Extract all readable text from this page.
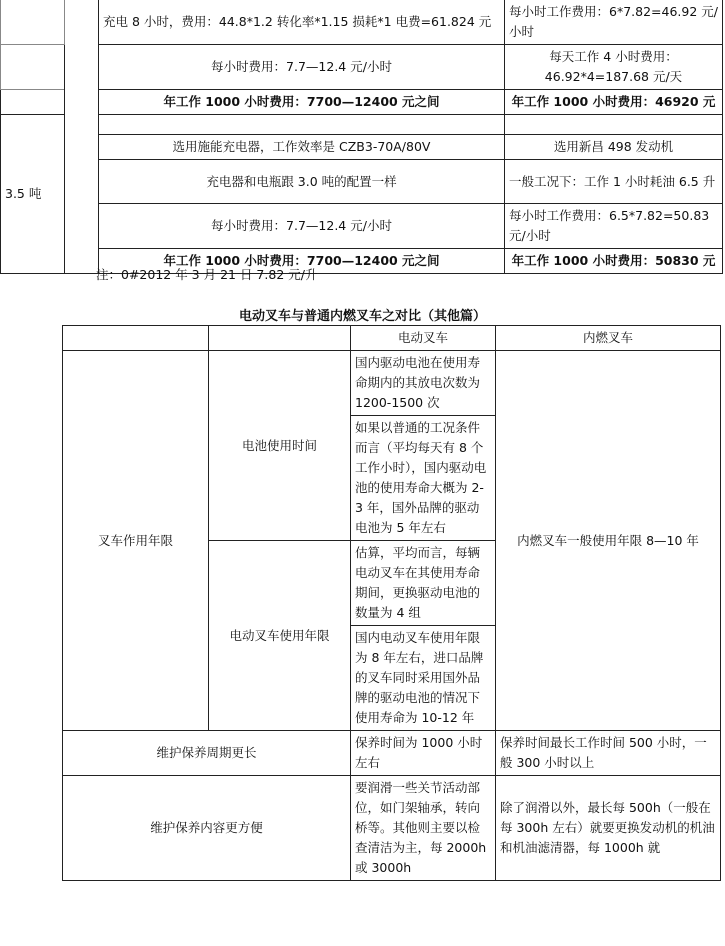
		充电 8 小时，费用：44.8*1.2 转化率*1.15 损耗*1 电费=61.824 元	每小时工作费用：6*7.82=46.92 元/小时
		每小时费用：7.7—12.4 元/小时	每天工作 4 小时费用：
46.92*4=187.68 元/天
		年工作 1000 小时费用：7700—12400 元之间	年工作 1000 小时费用：46920 元
3.5 吨			
		选用施能充电器，工作效率是 CZB3-70A/80V	选用新昌 498 发动机
		充电器和电瓶跟 3.0 吨的配置一样	一般工况下：工作 1 小时耗油 6.5 升
		每小时费用：7.7—12.4 元/小时	每小时工作费用：6.5*7.82=50.83 元/小时
		年工作 1000 小时费用：7700—12400 元之间	年工作 1000 小时费用：50830 元
注：0#2012 年 3 月 21 日 7.82 元/升
电动叉车与普通内燃叉车之对比（其他篇）
		电动叉车	内燃叉车
叉车作用年限	电池使用时间	国内驱动电池在使用寿命期内的其放电次数为 1200-1500 次	内燃叉车一般使用年限 8—10 年
		如果以普通的工况条件而言（平均每天有 8 个工作小时），国内驱动电池的使用寿命大概为 2-3 年，国外品牌的驱动电池为 5 年左右	
	电动叉车使用年限	估算，平均而言，每辆电动叉车在其使用寿命期间，更换驱动电池的数量为 4 组	
		国内电动叉车使用年限为 8 年左右，进口品牌的叉车同时采用国外品牌的驱动电池的情况下使用寿命为 10-12 年	
维护保养周期更长		保养时间为 1000 小时左右	保养时间最长工作时间 500 小时，一般 300 小时以上
维护保养内容更方便		要润滑一些关节活动部位，如门架轴承，转向桥等。其他则主要以检查清洁为主，每 2000h 或 3000h	除了润滑以外，最长每 500h（一般在每 300h 左右）就要更换发动机的机油和机油滤清器，每 1000h 就
